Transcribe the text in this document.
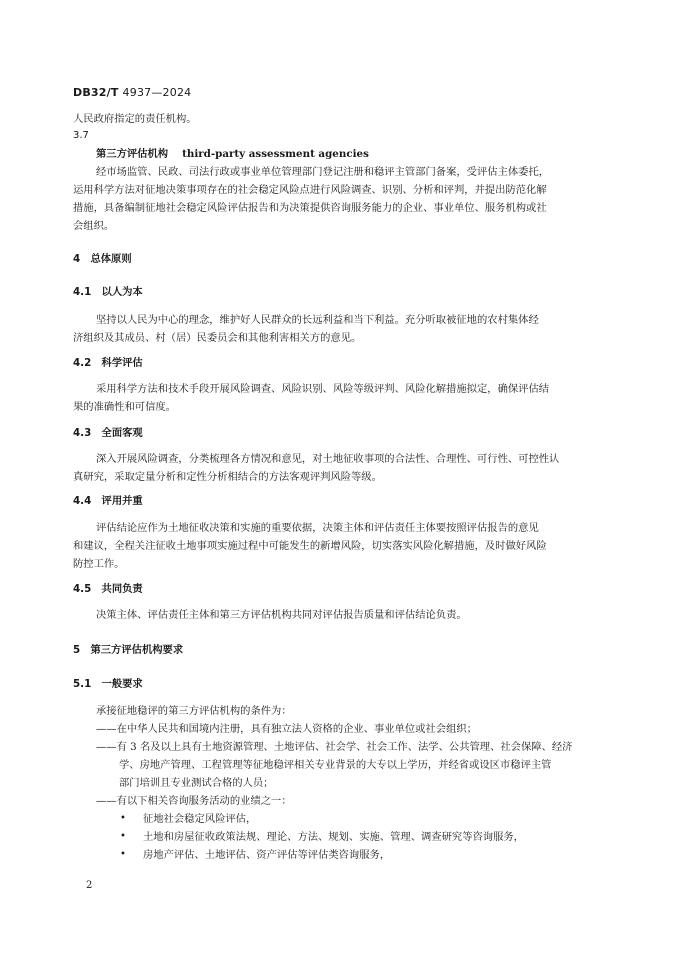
DB32/T 4937—2024
人民政府指定的责任机构。
3.7
第三方评估机构 third-party assessment agencies
经市场监管、民政、司法行政或事业单位管理部门登记注册和稳评主管部门备案，受评估主体委托，
运用科学方法对征地决策事项存在的社会稳定风险点进行风险调查、识别、分析和评判，并提出防范化解
措施，具备编制征地社会稳定风险评估报告和为决策提供咨询服务能力的企业、事业单位、服务机构或社
会组织。
4　总体原则
4.1　以人为本
坚持以人民为中心的理念，维护好人民群众的长远利益和当下利益。充分听取被征地的农村集体经
济组织及其成员、村（居）民委员会和其他利害相关方的意见。
4.2　科学评估
采用科学方法和技术手段开展风险调查、风险识别、风险等级评判、风险化解措施拟定，确保评估结
果的准确性和可信度。
4.3　全面客观
深入开展风险调查，分类梳理各方情况和意见，对土地征收事项的合法性、合理性、可行性、可控性认
真研究，采取定量分析和定性分析相结合的方法客观评判风险等级。
4.4　评用并重
评估结论应作为土地征收决策和实施的重要依据，决策主体和评估责任主体要按照评估报告的意见
和建议，全程关注征收土地事项实施过程中可能发生的新增风险，切实落实风险化解措施，及时做好风险
防控工作。
4.5　共同负责
决策主体、评估责任主体和第三方评估机构共同对评估报告质量和评估结论负责。
5　第三方评估机构要求
5.1　一般要求
承接征地稳评的第三方评估机构的条件为：
——在中华人民共和国境内注册，具有独立法人资格的企业、事业单位或社会组织；
——有 3 名及以上具有土地资源管理、土地评估、社会学、社会工作、法学、公共管理、社会保障、经济
学、房地产管理、工程管理等征地稳评相关专业背景的大专以上学历，并经省或设区市稳评主管
部门培训且专业测试合格的人员；
——有以下相关咨询服务活动的业绩之一：
• 征地社会稳定风险评估，
• 土地和房屋征收政策法规、理论、方法、规划、实施、管理、调查研究等咨询服务，
• 房地产评估、土地评估、资产评估等评估类咨询服务，
2
